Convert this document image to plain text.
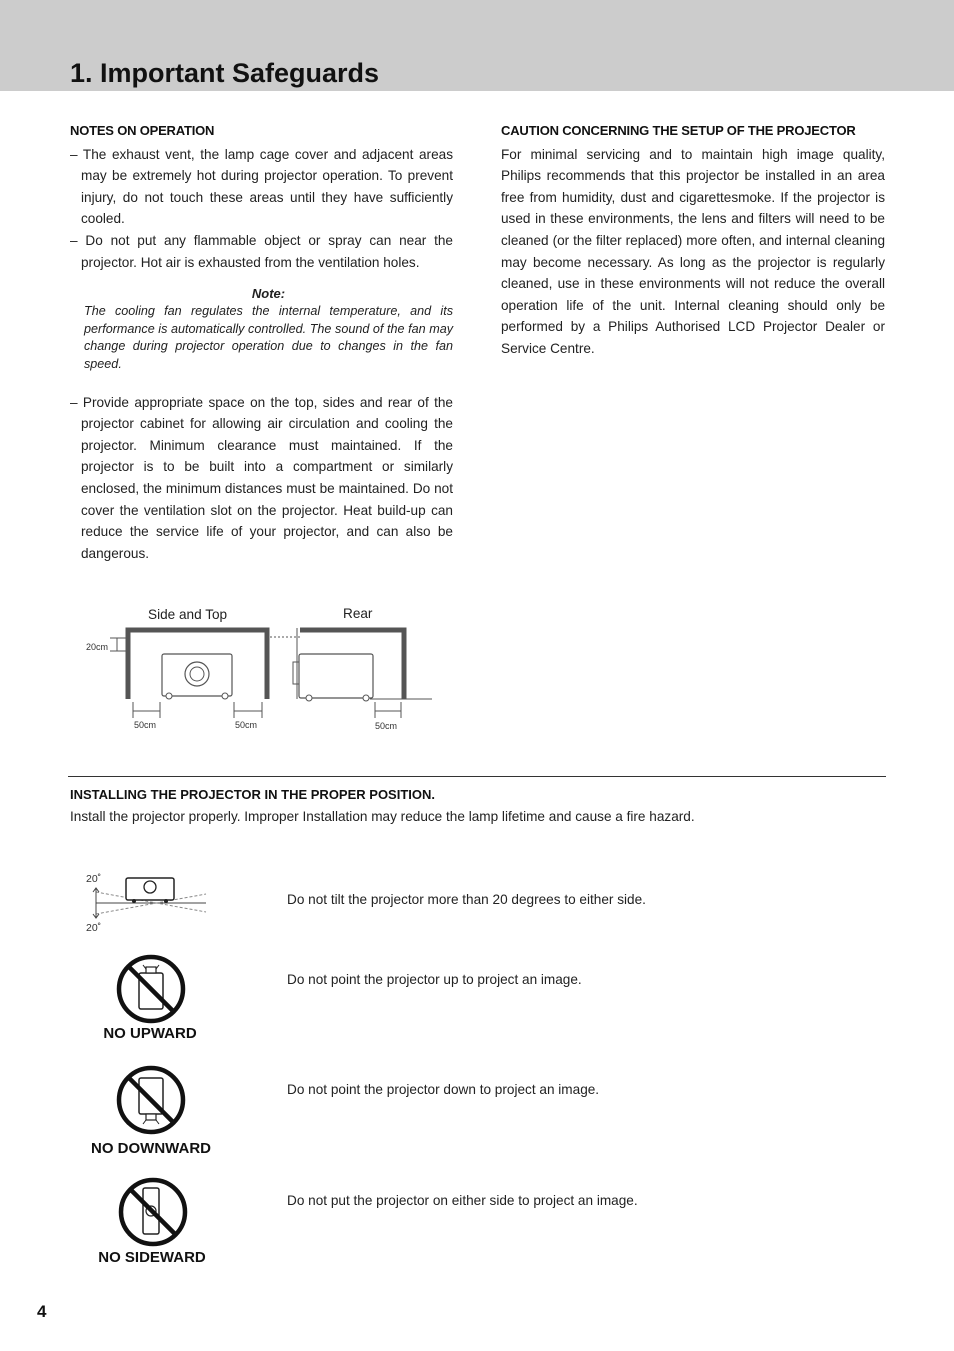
1. Important Safeguards

NOTES ON OPERATION

– The exhaust vent, the lamp cage cover and adjacent areas may be extremely hot during projector operation. To prevent injury, do not touch these areas until they have sufficiently cooled.

– Do not put any flammable object or spray can near the projector. Hot air is exhausted from the ventilation holes.

Note:

The cooling fan regulates the internal temperature, and its performance is automatically controlled. The sound of the fan may change during projector operation due to changes in the fan speed.

– Provide appropriate space on the top, sides and rear of the projector cabinet for allowing air circulation and cooling the projector. Minimum clearance must maintained. If the projector is to be built into a compartment or similarly enclosed, the minimum distances must be maintained. Do not cover the ventilation slot on the projector. Heat build-up can reduce the service life of your projector, and can also be dangerous.

CAUTION CONCERNING THE SETUP OF THE PROJECTOR

For minimal servicing and to maintain high image quality, Philips recommends that this projector be installed in an area free from humidity, dust and cigarettesmoke. If the projector is used in these environments, the lens and filters will need to be cleaned (or the filter replaced) more often, and internal cleaning may become necessary. As long as the projector is regularly cleaned, use in these environments will not reduce the overall operation life of the unit. Internal cleaning should only be performed by a Philips Authorised LCD Projector Dealer or Service Centre.

Side and Top	Rear
20cm
50cm	50cm	50cm

INSTALLING THE PROJECTOR IN THE PROPER POSITION.

Install the projector properly. Improper Installation may reduce the lamp lifetime and cause a fire hazard.

20˚
20˚

Do not tilt the projector more than 20 degrees to either side.

NO UPWARD

Do not point the projector up to project an image.

NO DOWNWARD

Do not point the projector down to project an image.

NO SIDEWARD

Do not put the projector on either side to project an image.

4
